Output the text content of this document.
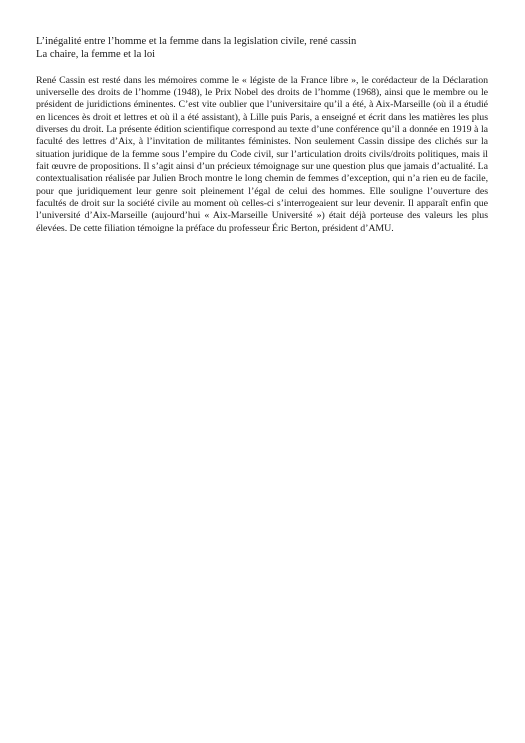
L’inégalité entre l’homme et la femme dans la legislation civile, rené cassin

La chaire, la femme et la loi

René Cassin est resté dans les mémoires comme le « légiste de la France libre », le corédacteur de la Déclaration universelle des droits de l’homme (1948), le Prix Nobel des droits de l’homme (1968), ainsi que le membre ou le président de juridictions éminentes. C’est vite oublier que l’universitaire qu’il a été, à Aix-Marseille (où il a étudié en licences ès droit et lettres et où il a été assistant), à Lille puis Paris, a enseigné et écrit dans les matières les plus diverses du droit. La présente édition scientifique correspond au texte d’une conférence qu’il a donnée en 1919 à la faculté des lettres d’Aix, à l’invitation de militantes féministes. Non seulement Cassin dissipe des clichés sur la situation juridique de la femme sous l’empire du Code civil, sur l’articulation droits civils/droits politiques, mais il fait œuvre de propositions. Il s’agit ainsi d’un précieux témoignage sur une question plus que jamais d’actualité. La contextualisation réalisée par Julien Broch montre le long chemin de femmes d’exception, qui n’a rien eu de facile, pour que juridiquement leur genre soit pleinement l’égal de celui des hommes. Elle souligne l’ouverture des facultés de droit sur la société civile au moment où celles-ci s’interrogeaient sur leur devenir. Il apparaît enfin que l’université d’Aix-Marseille (aujourd’hui « Aix-Marseille Université ») était déjà porteuse des valeurs les plus élevées. De cette filiation témoigne la préface du professeur Éric Berton, président d’AMU.
